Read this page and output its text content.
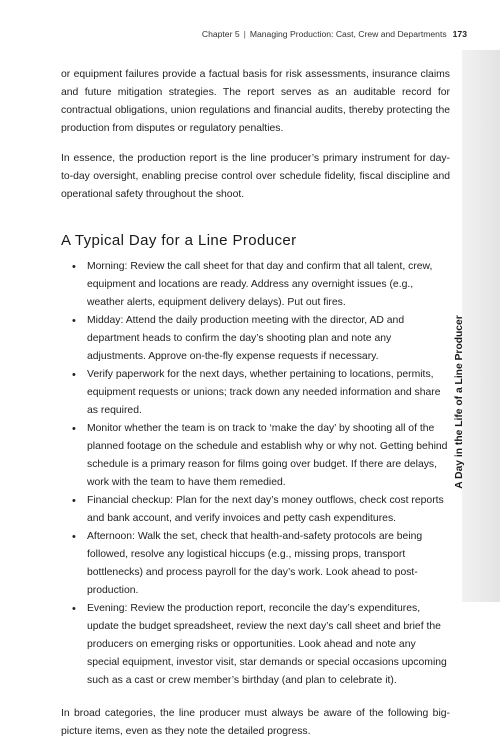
Chapter 5 | Managing Production: Cast, Crew and Departments 173
A Day in the Life of a Line Producer

or equipment failures provide a factual basis for risk assessments, insurance claims and future mitigation strategies. The report serves as an auditable record for contractual obligations, union regulations and financial audits, thereby protecting the production from disputes or regulatory penalties.

In essence, the production report is the line producer’s primary instrument for day-to-day oversight, enabling precise control over schedule fidelity, fiscal discipline and operational safety throughout the shoot.

A Typical Day for a Line Producer
• Morning: Review the call sheet for that day and confirm that all talent, crew, equipment and locations are ready. Address any overnight issues (e.g., weather alerts, equipment delivery delays). Put out fires.
• Midday: Attend the daily production meeting with the director, AD and department heads to confirm the day’s shooting plan and note any adjustments. Approve on-the-fly expense requests if necessary.
• Verify paperwork for the next days, whether pertaining to locations, permits, equipment requests or unions; track down any needed information and share as required.
• Monitor whether the team is on track to ‘make the day’ by shooting all of the planned footage on the schedule and establish why or why not. Getting behind schedule is a primary reason for films going over budget. If there are delays, work with the team to have them remedied.
• Financial checkup: Plan for the next day’s money outflows, check cost reports and bank account, and verify invoices and petty cash expenditures.
• Afternoon: Walk the set, check that health-and-safety protocols are being followed, resolve any logistical hiccups (e.g., missing props, transport bottlenecks) and process payroll for the day’s work. Look ahead to post-production.
• Evening: Review the production report, reconcile the day’s expenditures, update the budget spreadsheet, review the next day’s call sheet and brief the producers on emerging risks or opportunities. Look ahead and note any special equipment, investor visit, star demands or special occasions upcoming such as a cast or crew member’s birthday (and plan to celebrate it).

In broad categories, the line producer must always be aware of the following big-picture items, even as they note the detailed progress.
